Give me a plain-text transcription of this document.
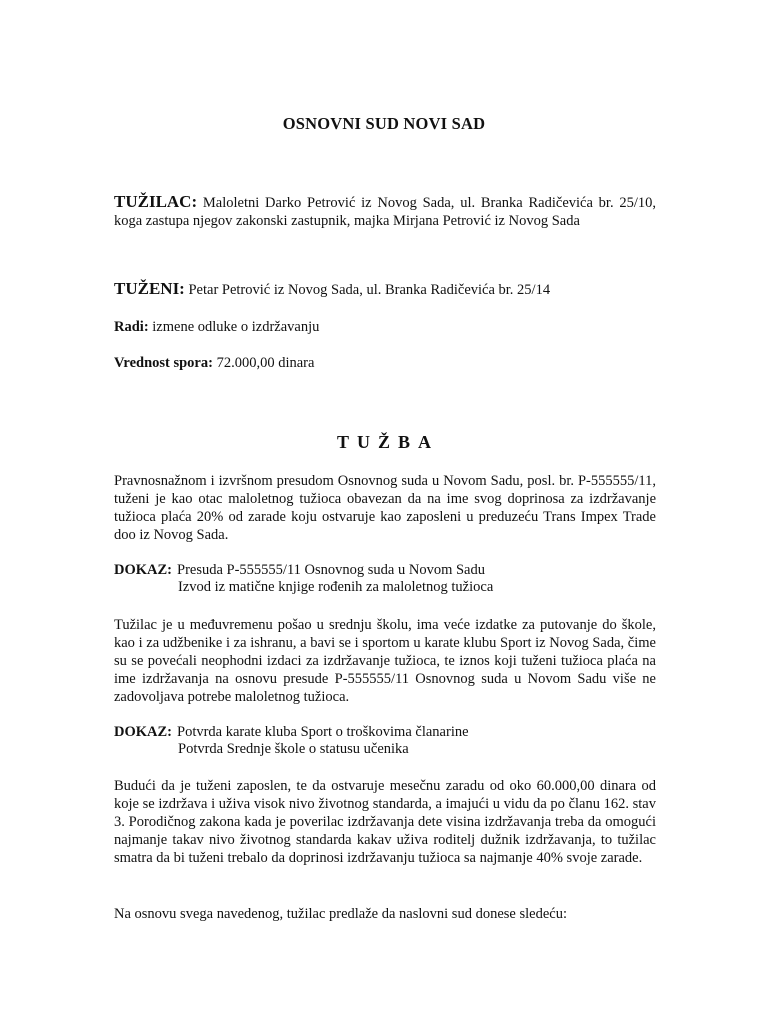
OSNOVNI SUD NOVI SAD
TUŽILAC: Maloletni Darko Petrović iz Novog Sada, ul. Branka Radičevića br. 25/10, koga zastupa njegov zakonski zastupnik, majka Mirjana Petrović iz Novog Sada
TUŽENI: Petar Petrović iz Novog Sada, ul. Branka Radičevića br. 25/14
Radi: izmene odluke o izdržavanju
Vrednost spora: 72.000,00 dinara
TUŽBA
Pravnosnažnom i izvršnom presudom Osnovnog suda u Novom Sadu, posl. br. P-555555/11, tuženi je kao otac maloletnog tužioca obavezan da na ime svog doprinosa za izdržavanje tužioca plaća 20% od zarade koju ostvaruje kao zaposleni u preduzeću Trans Impex Trade doo iz Novog Sada.
DOKAZ: Presuda P-555555/11 Osnovnog suda u Novom Sadu
Izvod iz matične knjige rođenih za maloletnog tužioca
Tužilac je u međuvremenu pošao u srednju školu, ima veće izdatke za putovanje do škole, kao i za udžbenike i za ishranu, a bavi se i sportom u karate klubu Sport iz Novog Sada, čime su se povećali neophodni izdaci za izdržavanje tužioca, te iznos koji tuženi tužioca plaća na ime izdržavanja na osnovu presude P-555555/11 Osnovnog suda u Novom Sadu više ne zadovoljava potrebe maloletnog tužioca.
DOKAZ: Potvrda karate kluba Sport o troškovima članarine
Potvrda Srednje škole o statusu učenika
Budući da je tuženi zaposlen, te da ostvaruje mesečnu zaradu od oko 60.000,00 dinara od koje se izdržava i uživa visok nivo životnog standarda, a imajući u vidu da po članu 162. stav 3. Porodičnog zakona kada je poverilac izdržavanja dete visina izdržavanja treba da omogući najmanje takav nivo životnog standarda kakav uživa roditelj dužnik izdržavanja, to tužilac smatra da bi tuženi trebalo da doprinosi izdržavanju tužioca sa najmanje 40% svoje zarade.
Na osnovu svega navedenog, tužilac predlaže da naslovni sud donese sledeću:
